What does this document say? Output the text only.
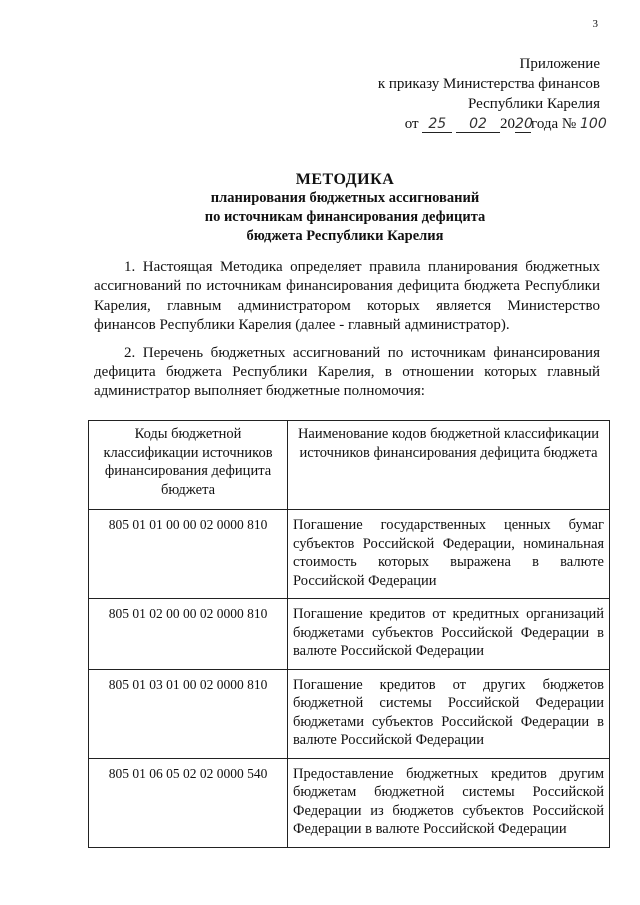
3
Приложение
к приказу Министерства финансов
Республики Карелия
от 25 02 2020года № 100
МЕТОДИКА
планирования бюджетных ассигнований
по источникам финансирования дефицита
бюджета Республики Карелия

1. Настоящая Методика определяет правила планирования бюджетных ассигнований по источникам финансирования дефицита бюджета Республики Карелия, главным администратором которых является Министерство финансов Республики Карелия (далее - главный администратор).

2. Перечень бюджетных ассигнований по источникам финансирования дефицита бюджета Республики Карелия, в отношении которых главный администратор выполняет бюджетные полномочия:

Коды бюджетной классификации источников финансирования дефицита бюджета	Наименование кодов бюджетной классификации источников финансирования дефицита бюджета
805 01 01 00 00 02 0000 810	Погашение государственных ценных бумаг субъектов Российской Федерации, номинальная стоимость которых выражена в валюте Российской Федерации
805 01 02 00 00 02 0000 810	Погашение кредитов от кредитных организаций бюджетами субъектов Российской Федерации в валюте Российской Федерации
805 01 03 01 00 02 0000 810	Погашение кредитов от других бюджетов бюджетной системы Российской Федерации бюджетами субъектов Российской Федерации в валюте Российской Федерации
805 01 06 05 02 02 0000 540	Предоставление бюджетных кредитов другим бюджетам бюджетной системы Российской Федерации из бюджетов субъектов Российской Федерации в валюте Российской Федерации
